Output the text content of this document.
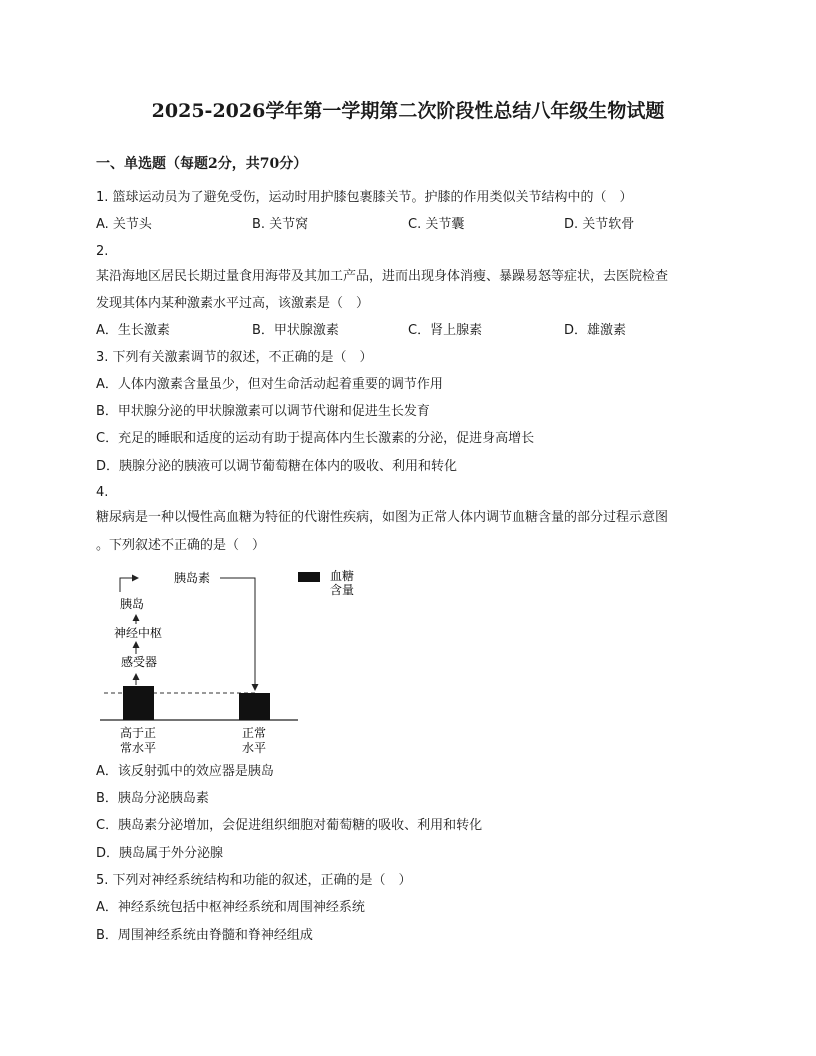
2025-2026学年第一学期第二次阶段性总结八年级生物试题
一、单选题（每题2分，共70分）
1. 篮球运动员为了避免受伤，运动时用护膝包裹膝关节。护膝的作用类似关节结构中的（　）
A. 关节头	B. 关节窝	C. 关节囊	D. 关节软骨
2.
某沿海地区居民长期过量食用海带及其加工产品，进而出现身体消瘦、暴躁易怒等症状，去医院检查
发现其体内某种激素水平过高，该激素是（　）
A．生长激素	B．甲状腺激素	C．肾上腺素	D．雄激素
3. 下列有关激素调节的叙述，不正确的是（　）
A．人体内激素含量虽少，但对生命活动起着重要的调节作用
B．甲状腺分泌的甲状腺激素可以调节代谢和促进生长发育
C．充足的睡眠和适度的运动有助于提高体内生长激素的分泌，促进身高增长
D．胰腺分泌的胰液可以调节葡萄糖在体内的吸收、利用和转化
4.
糖尿病是一种以慢性高血糖为特征的代谢性疾病，如图为正常人体内调节血糖含量的部分过程示意图
。下列叙述不正确的是（　）
胰岛素
胰岛
神经中枢
感受器
高于正
常水平
正常
水平
血糖
含量
A．该反射弧中的效应器是胰岛
B．胰岛分泌胰岛素
C．胰岛素分泌增加，会促进组织细胞对葡萄糖的吸收、利用和转化
D．胰岛属于外分泌腺
5. 下列对神经系统结构和功能的叙述，正确的是（　）
A．神经系统包括中枢神经系统和周围神经系统
B．周围神经系统由脊髓和脊神经组成
